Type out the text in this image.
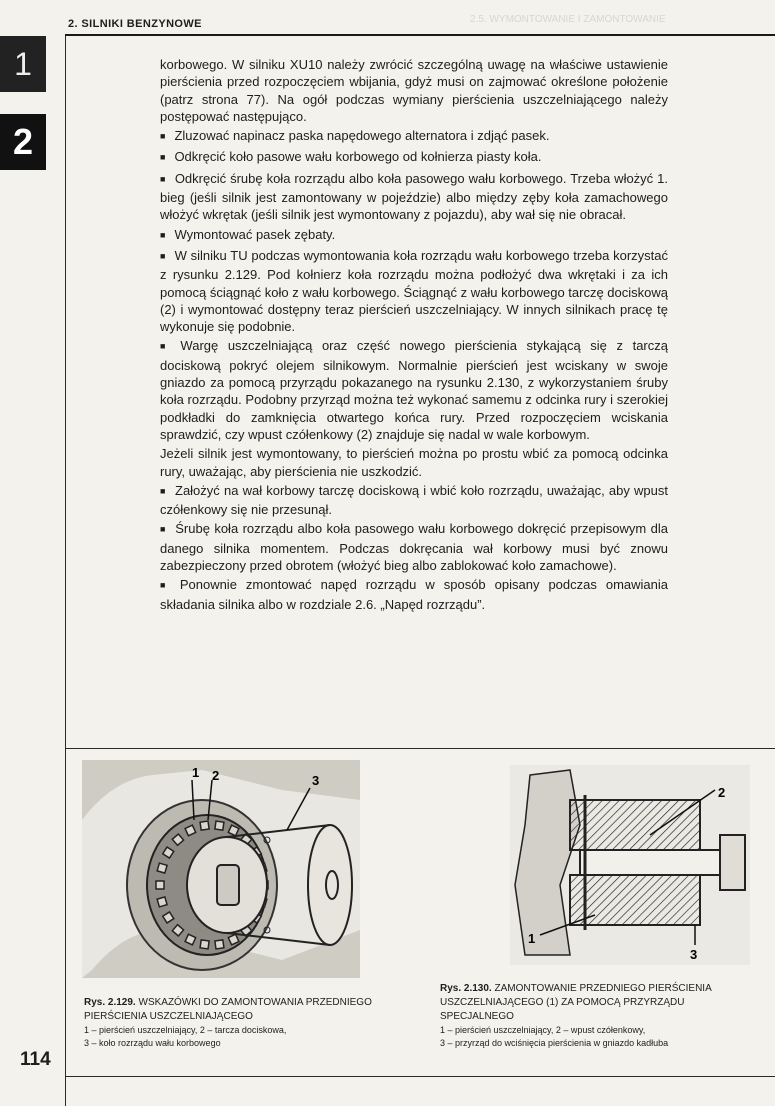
2. SILNIKI BENZYNOWE	2.5. WYMONTOWANIE I ZAMONTOWANIE
1
2

korbowego. W silniku XU10 należy zwrócić szczególną uwagę na właściwe ustawienie pierścienia przed rozpoczęciem wbijania, gdyż musi on zajmować określone położenie (patrz strona 77). Na ogół podczas wymiany pierścienia uszczelniającego należy postępować następująco.

■ Zluzować napinacz paska napędowego alternatora i zdjąć pasek.

■ Odkręcić koło pasowe wału korbowego od kołnierza piasty koła.

■ Odkręcić śrubę koła rozrządu albo koła pasowego wału korbowego. Trzeba włożyć 1. bieg (jeśli silnik jest zamontowany w pojeździe) albo między zęby koła zamachowego włożyć wkrętak (jeśli silnik jest wymontowany z pojazdu), aby wał się nie obracał.

■ Wymontować pasek zębaty.

■ W silniku TU podczas wymontowania koła rozrządu wału korbowego trzeba korzystać z rysunku 2.129. Pod kołnierz koła rozrządu można podłożyć dwa wkrętaki i za ich pomocą ściągnąć koło z wału korbowego. Ściągnąć z wału korbowego tarczę dociskową (2) i wymontować dostępny teraz pierścień uszczelniający. W innych silnikach pracę tę wykonuje się podobnie.

■ Wargę uszczelniającą oraz część nowego pierścienia stykającą się z tarczą dociskową pokryć olejem silnikowym. Normalnie pierścień jest wciskany w swoje gniazdo za pomocą przyrządu pokazanego na rysunku 2.130, z wykorzystaniem śruby koła rozrządu. Podobny przyrząd można też wykonać samemu z odcinka rury i szerokiej podkładki do zamknięcia otwartego końca rury. Przed rozpoczęciem wciskania sprawdzić, czy wpust czółenkowy (2) znajduje się nadal w wale korbowym.

Jeżeli silnik jest wymontowany, to pierścień można po prostu wbić za pomocą odcinka rury, uważając, aby pierścienia nie uszkodzić.

■ Założyć na wał korbowy tarczę dociskową i wbić koło rozrządu, uważając, aby wpust czółenkowy się nie przesunął.

■ Śrubę koła rozrządu albo koła pasowego wału korbowego dokręcić przepisowym dla danego silnika momentem. Podczas dokręcania wał korbowy musi być znowu zabezpieczony przed obrotem (włożyć bieg albo zablokować koło zamachowe).

■ Ponownie zmontować napęd rozrządu w sposób opisany podczas omawiania składania silnika albo w rozdziale 2.6. „Napęd rozrządu”.

1 2	3
1
2
3
Rys. 2.129. WSKAZÓWKI DO ZAMONTOWANIA PRZEDNIEGO PIERŚCIENIA USZCZELNIAJĄCEGO
1 – pierścień uszczelniający, 2 – tarcza dociskowa,
3 – koło rozrządu wału korbowego
Rys. 2.130. ZAMONTOWANIE PRZEDNIEGO PIERŚCIENIA USZCZELNIAJĄCEGO (1) ZA POMOCĄ PRZYRZĄDU SPECJALNEGO
1 – pierścień uszczelniający, 2 – wpust czółenkowy,
3 – przyrząd do wciśnięcia pierścienia w gniazdo kadłuba
114
